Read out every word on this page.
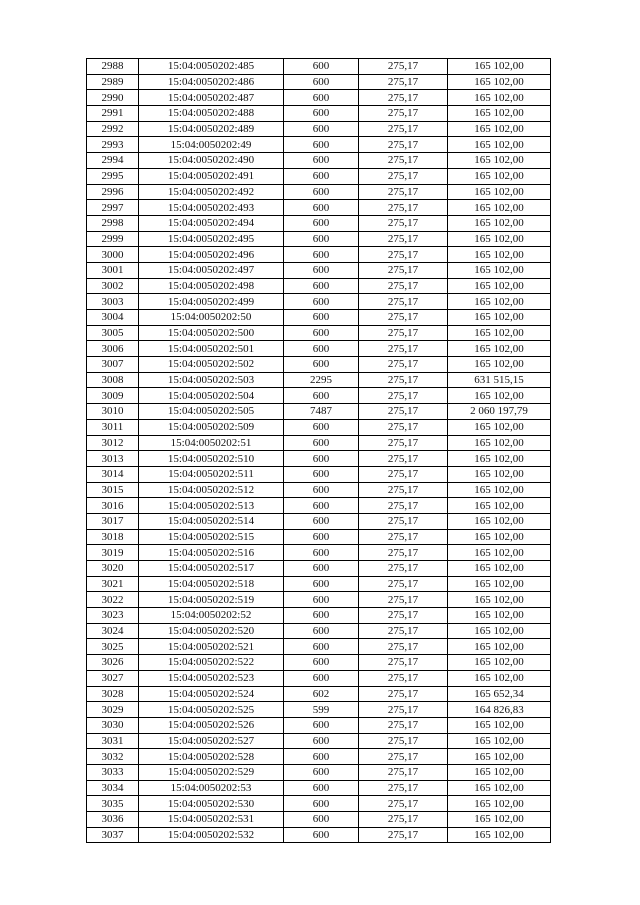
2988	15:04:0050202:485	600	275,17	165 102,00
2989	15:04:0050202:486	600	275,17	165 102,00
2990	15:04:0050202:487	600	275,17	165 102,00
2991	15:04:0050202:488	600	275,17	165 102,00
2992	15:04:0050202:489	600	275,17	165 102,00
2993	15:04:0050202:49	600	275,17	165 102,00
2994	15:04:0050202:490	600	275,17	165 102,00
2995	15:04:0050202:491	600	275,17	165 102,00
2996	15:04:0050202:492	600	275,17	165 102,00
2997	15:04:0050202:493	600	275,17	165 102,00
2998	15:04:0050202:494	600	275,17	165 102,00
2999	15:04:0050202:495	600	275,17	165 102,00
3000	15:04:0050202:496	600	275,17	165 102,00
3001	15:04:0050202:497	600	275,17	165 102,00
3002	15:04:0050202:498	600	275,17	165 102,00
3003	15:04:0050202:499	600	275,17	165 102,00
3004	15:04:0050202:50	600	275,17	165 102,00
3005	15:04:0050202:500	600	275,17	165 102,00
3006	15:04:0050202:501	600	275,17	165 102,00
3007	15:04:0050202:502	600	275,17	165 102,00
3008	15:04:0050202:503	2295	275,17	631 515,15
3009	15:04:0050202:504	600	275,17	165 102,00
3010	15:04:0050202:505	7487	275,17	2 060 197,79
3011	15:04:0050202:509	600	275,17	165 102,00
3012	15:04:0050202:51	600	275,17	165 102,00
3013	15:04:0050202:510	600	275,17	165 102,00
3014	15:04:0050202:511	600	275,17	165 102,00
3015	15:04:0050202:512	600	275,17	165 102,00
3016	15:04:0050202:513	600	275,17	165 102,00
3017	15:04:0050202:514	600	275,17	165 102,00
3018	15:04:0050202:515	600	275,17	165 102,00
3019	15:04:0050202:516	600	275,17	165 102,00
3020	15:04:0050202:517	600	275,17	165 102,00
3021	15:04:0050202:518	600	275,17	165 102,00
3022	15:04:0050202:519	600	275,17	165 102,00
3023	15:04:0050202:52	600	275,17	165 102,00
3024	15:04:0050202:520	600	275,17	165 102,00
3025	15:04:0050202:521	600	275,17	165 102,00
3026	15:04:0050202:522	600	275,17	165 102,00
3027	15:04:0050202:523	600	275,17	165 102,00
3028	15:04:0050202:524	602	275,17	165 652,34
3029	15:04:0050202:525	599	275,17	164 826,83
3030	15:04:0050202:526	600	275,17	165 102,00
3031	15:04:0050202:527	600	275,17	165 102,00
3032	15:04:0050202:528	600	275,17	165 102,00
3033	15:04:0050202:529	600	275,17	165 102,00
3034	15:04:0050202:53	600	275,17	165 102,00
3035	15:04:0050202:530	600	275,17	165 102,00
3036	15:04:0050202:531	600	275,17	165 102,00
3037	15:04:0050202:532	600	275,17	165 102,00
